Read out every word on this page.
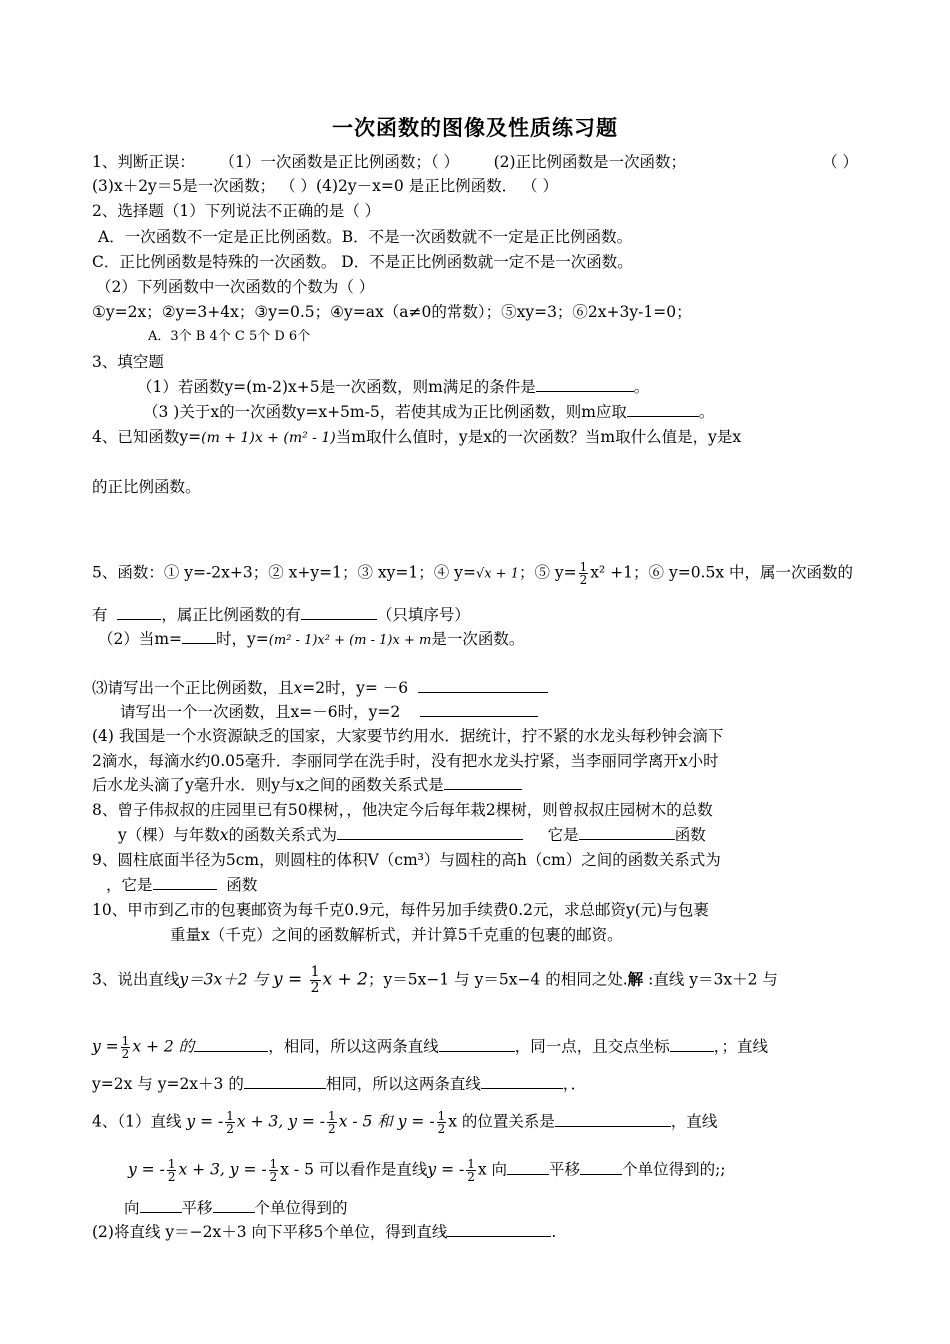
一次函数的图像及性质练习题
1、判断正误： （1）一次函数是正比例函数；（ ） (2)正比例函数是一次函数；	（ ）
(3)x＋2y＝5是一次函数； （ ）(4)2y－x=0 是正比例函数． （ ）
2、选择题（1）下列说法不正确的是（ ）
A．一次函数不一定是正比例函数。B．不是一次函数就不一定是正比例函数。
C．正比例函数是特殊的一次函数。 D．不是正比例函数就一定不是一次函数。
（2）下列函数中一次函数的个数为（ ）
①y=2x；②y=3+4x；③y=0.5；④y=ax（a≠0的常数）；⑤xy=3；⑥2x+3y-1=0；
A．3个 B 4个 C 5个 D 6个
3、填空题
（1）若函数y=(m-2)x+5是一次函数，则m满足的条件是	。
（3 )关于x的一次函数y=x+5m-5，若使其成为正比例函数，则m应取	。
4、已知函数y=(m + 1)x + (m² - 1)当m取什么值时，y是x的一次函数？当m取什么值是，y是x
的正比例函数。
5、函数：① y=-2x+3；② x+y=1；③ xy=1；④ y=√x + 1；⑤ $y= \frac{1}{2} x^2 +1$；⑥ y=0.5x 中，属一次函数的
有	，属正比例函数的有	（只填序号）
（2）当m= 时，y=(m² - 1)x² + (m - 1)x + m是一次函数。
⑶请写出一个正比例函数，且x=2时，y= －6
请写出一个一次函数，且x=－6时，y=2
(4) 我国是一个水资源缺乏的国家，大家要节约用水．据统计，拧不紧的水龙头每秒钟会滴下
2滴水，每滴水约0.05毫升．李丽同学在洗手时，没有把水龙头拧紧，当李丽同学离开x小时
后水龙头滴了y毫升水．则y与x之间的函数关系式是
8、曾子伟叔叔的庄园里已有50棵树，，他决定今后每年栽2棵树，则曾叔叔庄园树木的总数
y（棵）与年数x的函数关系式为	它是	函数
9、圆柱底面半径为5cm，则圆柱的体积V（cm³）与圆柱的高h（cm）之间的函数关系式为
，它是	函数
10、甲市到乙市的包裹邮资为每千克0.9元，每件另加手续费0.2元，求总邮资y(元)与包裹
重量x（千克）之间的函数解析式，并计算5千克重的包裹的邮资。
3、说出直线y＝3x＋2 与 $y = \frac{1}{2}$ x + 2；y＝5x−1 与 y＝5x−4 的相同之处.解 :直线 y＝3x＋2 与
$y = \frac{1}{2}$ x + 2 的	，相同，所以这两条直线	，同一点，且交点坐标	，；直线
y=2x 与 y=2x＋3 的	相同，所以这两条直线	，．
4、（1）直线 y = - $\frac{1}{2}$ x + 3, y = - $\frac{1}{2}$ x - 5 和 y = - $\frac{1}{2}$ x 的位置关系是	，直线
y = - $\frac{1}{2}$ x + 3, y = - $\frac{1}{2}$ x - 5 可以看作是直线y = - $\frac{1}{2}$ x 向	平移	个单位得到的;;
向	平移	个单位得到的
(2)将直线 y＝−2x＋3 向下平移5个单位，得到直线	.
